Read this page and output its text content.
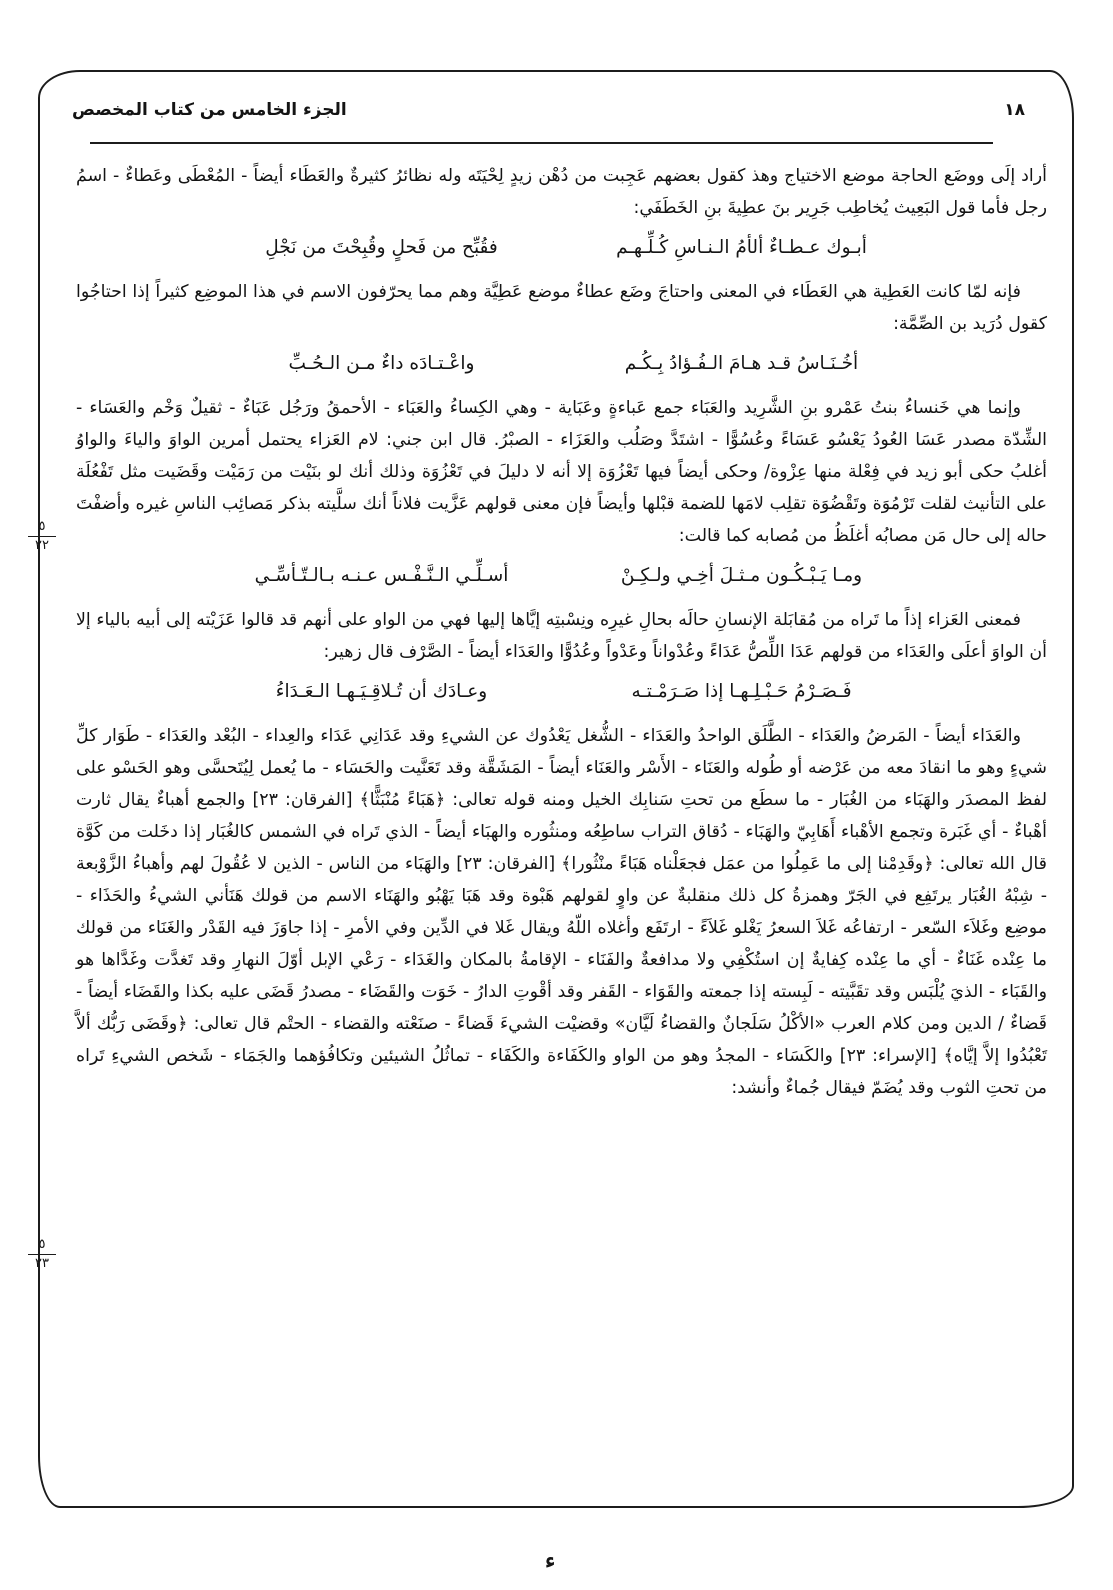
١٨
الجزء الخامس من كتاب المخصص
٥
٢٢
٥
٢٣

أراد إلَى ووضَع الحاجة موضع الاختياج وهذ كقول بعضهم عَجِبت من دُهْن زيدٍ لِحْيَتَه وله نظائرُ كثيرةٌ والعَطَاء أيضاً - المُعْطَى وعَطاءٌ - اسمُ رجل فأما قول البَعِيث يُخاطِب جَرِير بنَ عطِيةَ بنِ الخَطَفَي:

أبـوك عـطـاءٌ ألأمُ الـنـاسِ كُـلِّـهـم
فقُبِّح من فَحلٍ وقُبِحْتَ من نَجْلِ

فإنه لمّا كانت العَطِية هي العَطَاء في المعنى واحتاجَ وضَع عطاءٌ موضع عَطِيَّة وهم مما يحرّفون الاسم في هذا الموضِع كثيراً إذا احتاجُوا كقول دُرَيد بن الصِّمَّة:

أخُـنَـاسُ قـد هـامَ الـفُـؤادُ بِـكُـم
واعْـتـادَه داءٌ مـن الـحُـبِّ

وإنما هي خَنساءُ بنتُ عَمْرو بنِ الشَّرِيد والعَبَاء جمع عَباءةٍ وعَبَاية - وهي الكِساءُ والعَبَاء - الأحمقُ ورَجُل عَبَاءٌ - ثقيلٌ وَخْم والعَسَاء - الشِّدّة مصدر عَسَا العُودُ يَعْسُو عَسَاءً وعُسُوًّا - اشتَدَّ وصَلُب والعَزَاء - الصبْرُ. قال ابن جني: لام العَزاء يحتمل أمرين الواوَ والياءَ والواوُ أغلبُ حكى أبو زيد في فِعْلة منها عِزْوة/ وحكى أيضاً فيها تَعْزُوَة إلا أنه لا دليلَ في تَعْزُوَة وذلك أنك لو بنَيْت من رَمَيْت وقَضَيت مثل تَفْعُلَة على التأنيث لقلت تَرْمُوَة وتَقْضُوَة تقلِب لامَها للضمة قبْلها وأيضاً فإن معنى قولهم عَزَّيت فلاناً أنك سلَّيته بذكر مَصائِب الناسِ غيره وأضفْتَ حاله إلى حال مَن مصابُه أغلَظُ من مُصابه كما قالت:

ومـا يَـبْـكُـون مـثـلَ أخِـي ولـكِـنْ
أسـلِّـي الـنَّـفْـس عـنـه بـالـتّـأسِّـي

فمعنى العَزاء إذاً ما تَراه من مُقابَلة الإنسانِ حالَه بحالِ غيرِه ونِسْبتِه إيَّاها إليها فهي من الواو على أنهم قد قالوا عَزَيْته إلى أبيه بالياء إلا أن الواوَ أعلَى والعَدَاء من قولهم عَدَا اللِّصُّ عَدَاءً وعُدْواناً وعَدْواً وعُدُوًّا والعَدَاء أيضاً - الصَّرْف قال زهير:

فَـصَـرْمُ حَـبْـلِـهـا إذا صَـرَمْـتـه
وعـادَك أن تُـلاقِـيَـهـا الـعَـدَاءُ

والعَدَاء أيضاً - المَرضُ والعَدَاء - الطَّلَق الواحدُ والعَدَاء - الشُّغل يَعْدُوك عن الشيءِ وقد عَدَانِي عَدَاء والعِداء - البُعْد والعَدَاء - طَوَار كلِّ شيءٍ وهو ما انقادَ معه من عَرْضه أو طُوله والعَنَاء - الأَسْر والعَنَاء أيضاً - المَشَقَّة وقد تَعَنَّيت والحَسَاء - ما يُعمل لِيُتَحسَّى وهو الحَسْو على لفظ المصدَر والهَبَاء من الغُبَار - ما سطَع من تحتِ سَنابِك الخيل ومنه قوله تعالى: ﴿هَبَاءً مُنْبَثًّا﴾ [الفرقان: ٢٣] والجمع أهباءٌ يقال ثارت أهْباءٌ - أي غَبَرة وتجمع الأهْباء أَهَابِيّ والهَبَاء - دُقاق التراب ساطِعُه ومنثُوره والهبَاء أيضاً - الذي تَراه في الشمس كالغُبَار إذا دخَلت من كَوَّة قال الله تعالى: ﴿وقَدِمْنا إلى ما عَمِلُوا من عمَل فجعَلْناه هَبَاءً منْثُورا﴾ [الفرقان: ٢٣] والهَبَاء من الناس - الذين لا عُقُولَ لهم وأهباءُ الزَّوْبعة - شِبْهُ الغُبَار يرتَفِع في الجَرّ وهمزةُ كل ذلك منقلبةٌ عن واوٍ لقولهم هَبْوة وقد هَبَا يَهْبُو والهَنَاء الاسم من قولك هَنَأني الشيءُ والحَذَاء - موضِع وغَلاَء السّعر - ارتفاعُه غَلاَ السعرُ يَغْلو غَلاَءً - ارتَفَع وأغلاه اللّهُ ويقال غَلا في الدِّين وفي الأمرِ - إذا جاوَزَ فيه القَدْر والغَنَاء من قولك ما عِنْده غَنَاءٌ - أي ما عِنْده كِفايةٌ إن استُكْفِي ولا مدافعةٌ والفَنَاء - الإقامةُ بالمكان والغَدَاء - رَعْي الإبل أوّلَ النهارِ وقد تَغدَّت وغَدَّاها هو والقَبَاء - الذيَ يُلْبَس وقد تقَبَّيته - لَبِسته إذا جمعته والقَوَاء - القَفر وقد أقْوتِ الدارُ - خَوَت والقَضَاء - مصدرُ قَضَى عليه بكذا والقَضَاء أيضاً - قَضاءٌ / الدين ومن كلام العرب «الأكْلُ سَلَجانٌ والقضاءُ لَيَّان» وقضيْت الشيءَ قَضاءً - صنَعْته والقضاء - الحتْم قال تعالى: ﴿وقَضَى رَبُّك ألاَّ تَعْبُدُوا إلاَّ إيَّاه﴾ [الإسراء: ٢٣] والكَسَاء - المجدُ وهو من الواو والكَفَاءة والكَفَاء - تماثُلُ الشيئين وتكافُؤهما والجَمَاء - شَخص الشيءِ تَراه من تحتِ الثوب وقد يُضَمّ فيقال جُماءٌ وأنشد:

ء
